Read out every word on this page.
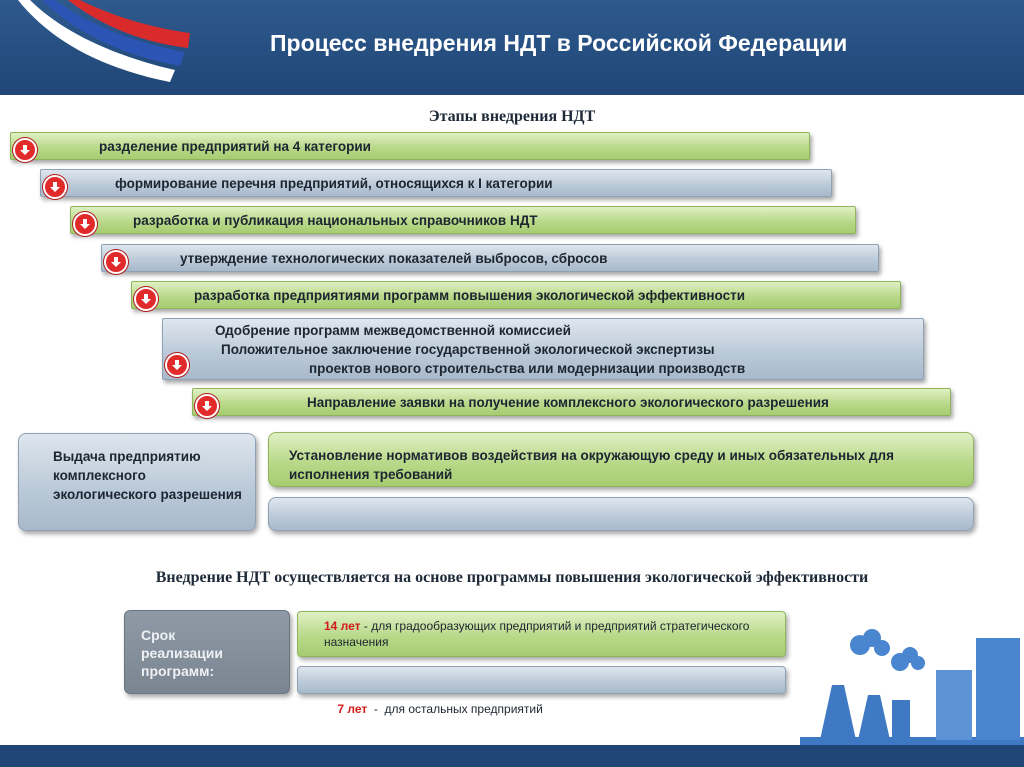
Процесс внедрения НДТ в Российской Федерации
Этапы внедрения НДТ
разделение предприятий на 4 категории
формирование перечня предприятий, относящихся к I категории
разработка и публикация национальных справочников НДТ
утверждение технологических показателей выбросов, сбросов
разработка предприятиями программ повышения экологической эффективности
Одобрение программ межведомственной комиссией
Положительное заключение государственной экологической экспертизы
проектов нового строительства или модернизации производств
Направление заявки на получение комплексного экологического разрешения
Выдача предприятию комплексного экологического разрешения
Установление нормативов воздействия на окружающую среду и иных обязательных для исполнения требований
Внедрение НДТ осуществляется на основе программы повышения экологической эффективности
Срок реализации программ:
14 лет - для градообразующих предприятий и предприятий стратегического назначения

7 лет  -  для остальных предприятий
